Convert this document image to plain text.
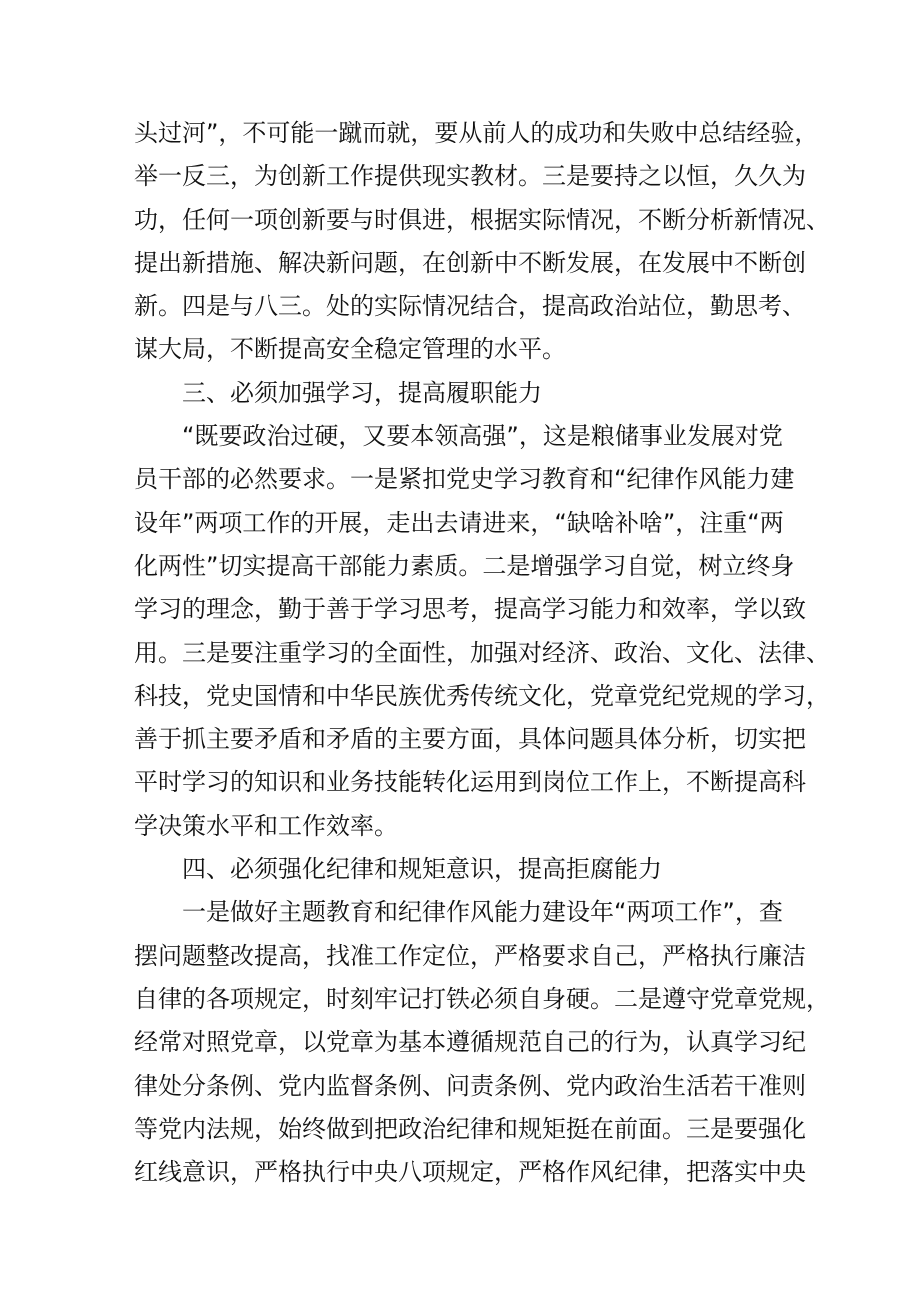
头过河”，不可能一蹴而就，要从前人的成功和失败中总结经验，
举一反三，为创新工作提供现实教材。三是要持之以恒，久久为
功，任何一项创新要与时俱进，根据实际情况，不断分析新情况、
提出新措施、解决新问题，在创新中不断发展，在发展中不断创
新。四是与八三。处的实际情况结合，提高政治站位，勤思考、
谋大局，不断提高安全稳定管理的水平。
三、必须加强学习，提高履职能力
“既要政治过硬，又要本领高强”，这是粮储事业发展对党
员干部的必然要求。一是紧扣党史学习教育和“纪律作风能力建
设年”两项工作的开展，走出去请进来，“缺啥补啥”，注重“两
化两性”切实提高干部能力素质。二是增强学习自觉，树立终身
学习的理念，勤于善于学习思考，提高学习能力和效率，学以致
用。三是要注重学习的全面性，加强对经济、政治、文化、法律、
科技，党史国情和中华民族优秀传统文化，党章党纪党规的学习，
善于抓主要矛盾和矛盾的主要方面，具体问题具体分析，切实把
平时学习的知识和业务技能转化运用到岗位工作上，不断提高科
学决策水平和工作效率。
四、必须强化纪律和规矩意识，提高拒腐能力
一是做好主题教育和纪律作风能力建设年“两项工作”，查
摆问题整改提高，找准工作定位，严格要求自己，严格执行廉洁
自律的各项规定，时刻牢记打铁必须自身硬。二是遵守党章党规，
经常对照党章，以党章为基本遵循规范自己的行为，认真学习纪
律处分条例、党内监督条例、问责条例、党内政治生活若干准则
等党内法规，始终做到把政治纪律和规矩挺在前面。三是要强化
红线意识，严格执行中央八项规定，严格作风纪律，把落实中央
